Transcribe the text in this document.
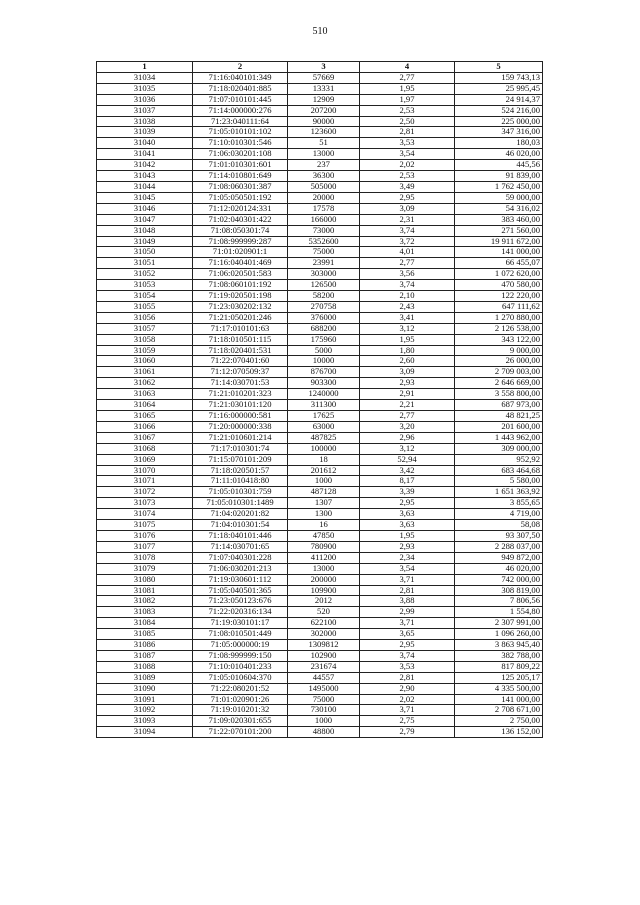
510
1	2	3	4	5
31034	71:16:040101:349	57669	2,77	159 743,13
31035	71:18:020401:885	13331	1,95	25 995,45
31036	71:07:010101:445	12909	1,97	24 914,37
31037	71:14:000000:276	207200	2,53	524 216,00
31038	71:23:040111:64	90000	2,50	225 000,00
31039	71:05:010101:102	123600	2,81	347 316,00
31040	71:10:010301:546	51	3,53	180,03
31041	71:06:030201:108	13000	3,54	46 020,00
31042	71:01:010301:601	237	2,02	445,56
31043	71:14:010801:649	36300	2,53	91 839,00
31044	71:08:060301:387	505000	3,49	1 762 450,00
31045	71:05:050501:192	20000	2,95	59 000,00
31046	71:12:020124:331	17578	3,09	54 316,02
31047	71:02:040301:422	166000	2,31	383 460,00
31048	71:08:050301:74	73000	3,74	271 560,00
31049	71:08:999999:287	5352600	3,72	19 911 672,00
31050	71:01:020901:1	75000	4,01	141 000,00
31051	71:16:040401:469	23991	2,77	66 455,07
31052	71:06:020501:583	303000	3,56	1 072 620,00
31053	71:08:060101:192	126500	3,74	470 580,00
31054	71:19:020501:198	58200	2,10	122 220,00
31055	71:23:030202:132	270758	2,43	647 111,62
31056	71:21:050201:246	376000	3,41	1 270 880,00
31057	71:17:010101:63	688200	3,12	2 126 538,00
31058	71:18:010501:115	175960	1,95	343 122,00
31059	71:18:020401:531	5000	1,80	9 000,00
31060	71:22:070401:60	10000	2,60	26 000,00
31061	71:12:070509:37	876700	3,09	2 709 003,00
31062	71:14:030701:53	903300	2,93	2 646 669,00
31063	71:21:010201:323	1240000	2,91	3 558 800,00
31064	71:21:030101:120	311300	2,21	687 973,00
31065	71:16:000000:581	17625	2,77	48 821,25
31066	71:20:000000:338	63000	3,20	201 600,00
31067	71:21:010601:214	487825	2,96	1 443 962,00
31068	71:17:010301:74	100000	3,12	309 000,00
31069	71:15:070101:209	18	52,94	952,92
31070	71:18:020501:57	201612	3,42	683 464,68
31071	71:11:010418:80	1000	8,17	5 580,00
31072	71:05:010301:759	487128	3,39	1 651 363,92
31073	71:05:010301:1489	1307	2,95	3 855,65
31074	71:04:020201:82	1300	3,63	4 719,00
31075	71:04:010301:54	16	3,63	58,08
31076	71:18:040101:446	47850	1,95	93 307,50
31077	71:14:030701:65	780900	2,93	2 288 037,00
31078	71:07:040301:228	411200	2,34	949 872,00
31079	71:06:030201:213	13000	3,54	46 020,00
31080	71:19:030601:112	200000	3,71	742 000,00
31081	71:05:040501:365	109900	2,81	308 819,00
31082	71:23:050123:676	2012	3,88	7 806,56
31083	71:22:020316:134	520	2,99	1 554,80
31084	71:19:030101:17	622100	3,71	2 307 991,00
31085	71:08:010501:449	302000	3,65	1 096 260,00
31086	71:05:000000:19	1309812	2,95	3 863 945,40
31087	71:08:999999:150	102900	3,74	382 788,00
31088	71:10:010401:233	231674	3,53	817 809,22
31089	71:05:010604:370	44557	2,81	125 205,17
31090	71:22:080201:52	1495000	2,90	4 335 500,00
31091	71:01:020901:26	75000	2,02	141 000,00
31092	71:19:010201:32	730100	3,71	2 708 671,00
31093	71:09:020301:655	1000	2,75	2 750,00
31094	71:22:070101:200	48800	2,79	136 152,00
